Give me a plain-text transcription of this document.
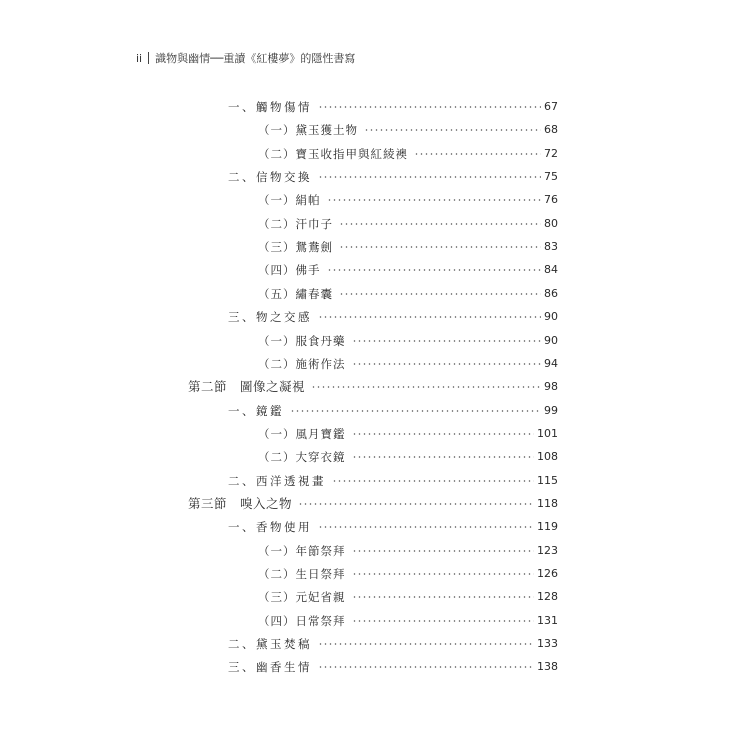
ii 識物與幽情──重讀《紅樓夢》的隱性書寫
一、觸物傷情	67
（一）黛玉獲土物	68
（二）寶玉收指甲與紅綾襖	72
二、信物交換	75
（一）絹帕	76
（二）汗巾子	80
（三）鴛鴦劍	83
（四）佛手	84
（五）繡春囊	86
三、物之交感	90
（一）服食丹藥	90
（二）施術作法	94
第二節　圖像之凝視	98
一、鏡鑑	99
（一）風月寶鑑	101
（二）大穿衣鏡	108
二、西洋透視畫	115
第三節　嗅入之物	118
一、香物使用	119
（一）年節祭拜	123
（二）生日祭拜	126
（三）元妃省親	128
（四）日常祭拜	131
二、黛玉焚稿	133
三、幽香生情	138
